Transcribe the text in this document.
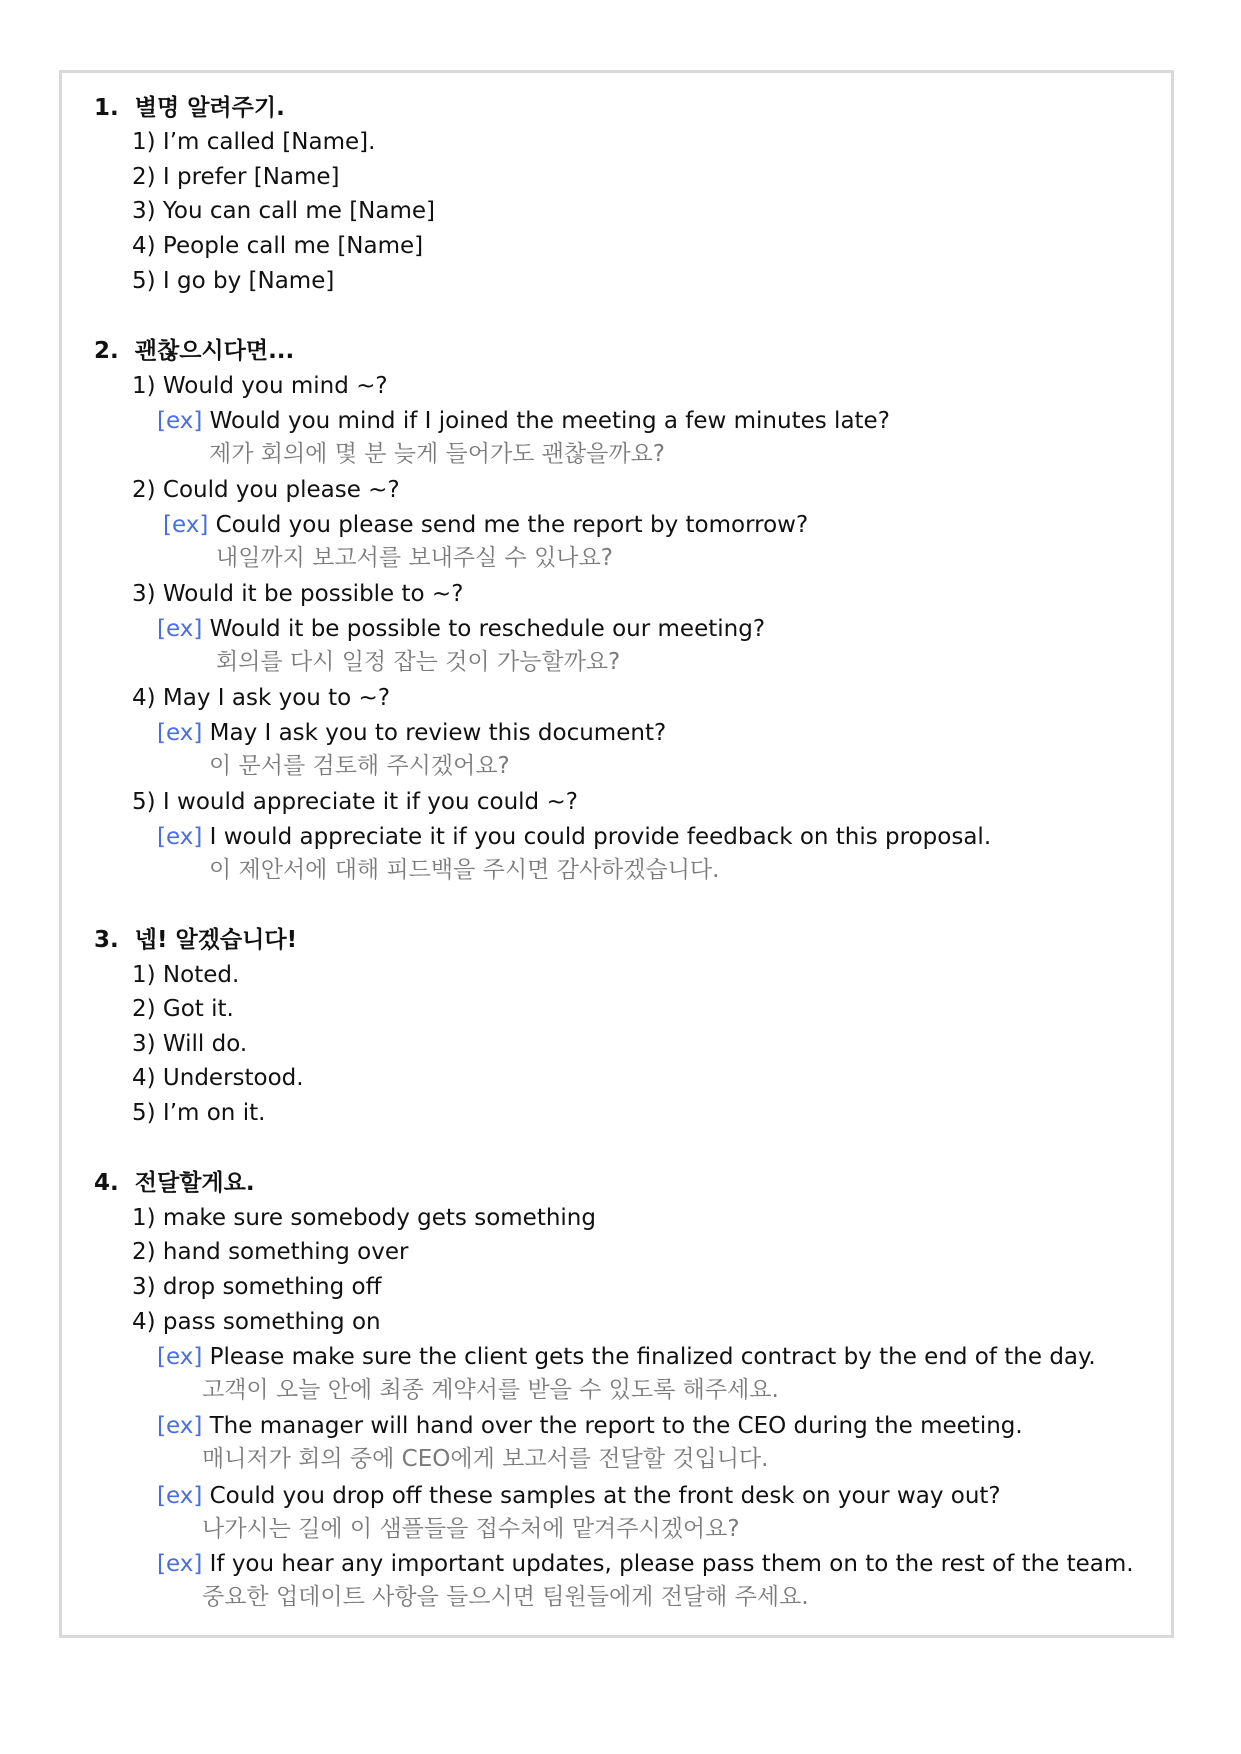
1. 별명 알려주기.
1) I’m called [Name].
2) I prefer [Name]
3) You can call me [Name]
4) People call me [Name]
5) I go by [Name]
2. 괜찮으시다면...
1) Would you mind ~?
[ex] Would you mind if I joined the meeting a few minutes late?
제가 회의에 몇 분 늦게 들어가도 괜찮을까요?
2) Could you please ~?
[ex] Could you please send me the report by tomorrow?
내일까지 보고서를 보내주실 수 있나요?
3) Would it be possible to ~?
[ex] Would it be possible to reschedule our meeting?
회의를 다시 일정 잡는 것이 가능할까요?
4) May I ask you to ~?
[ex] May I ask you to review this document?
이 문서를 검토해 주시겠어요?
5) I would appreciate it if you could ~?
[ex] I would appreciate it if you could provide feedback on this proposal.
이 제안서에 대해 피드백을 주시면 감사하겠습니다.
3. 넵! 알겠습니다!
1) Noted.
2) Got it.
3) Will do.
4) Understood.
5) I’m on it.
4. 전달할게요.
1) make sure somebody gets something
2) hand something over
3) drop something off
4) pass something on
[ex] Please make sure the client gets the finalized contract by the end of the day.
고객이 오늘 안에 최종 계약서를 받을 수 있도록 해주세요.
[ex] The manager will hand over the report to the CEO during the meeting.
매니저가 회의 중에 CEO에게 보고서를 전달할 것입니다.
[ex] Could you drop off these samples at the front desk on your way out?
나가시는 길에 이 샘플들을 접수처에 맡겨주시겠어요?
[ex] If you hear any important updates, please pass them on to the rest of the team.
중요한 업데이트 사항을 들으시면 팀원들에게 전달해 주세요.
